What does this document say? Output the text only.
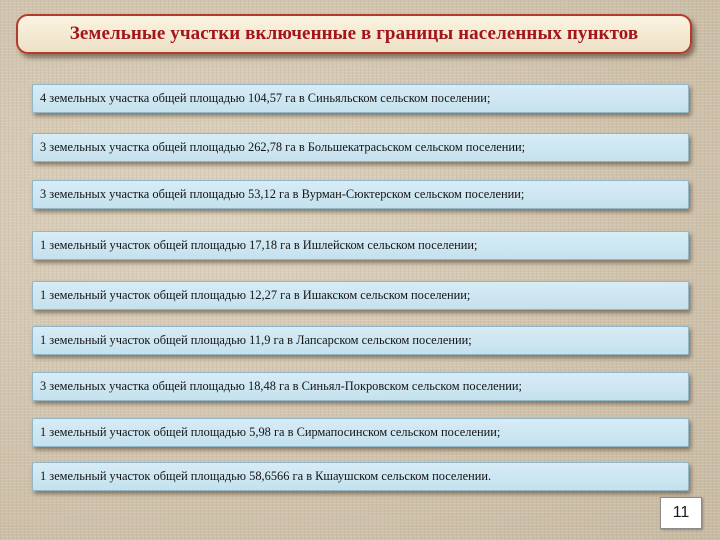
Земельные участки включенные в границы населенных пунктов
4 земельных участка общей площадью 104,57 га в Синьяльском сельском поселении;
3 земельных участка общей площадью 262,78 га в Большекатрасьском сельском поселении;
3 земельных участка общей площадью 53,12 га в Вурман-Сюктерском сельском поселении;
1 земельный участок общей площадью 17,18 га в Ишлейском сельском поселении;
1 земельный участок общей площадью 12,27 га в Ишакском сельском поселении;
1 земельный участок общей площадью 11,9 га в Лапсарском сельском поселении;
3 земельных участка общей площадью 18,48 га в Синьял-Покровском сельском поселении;
1 земельный участок общей площадью 5,98 га в Сирмапосинском сельском поселении;
1 земельный участок общей площадью 58,6566 га в Кшаушском сельском поселении.
11
